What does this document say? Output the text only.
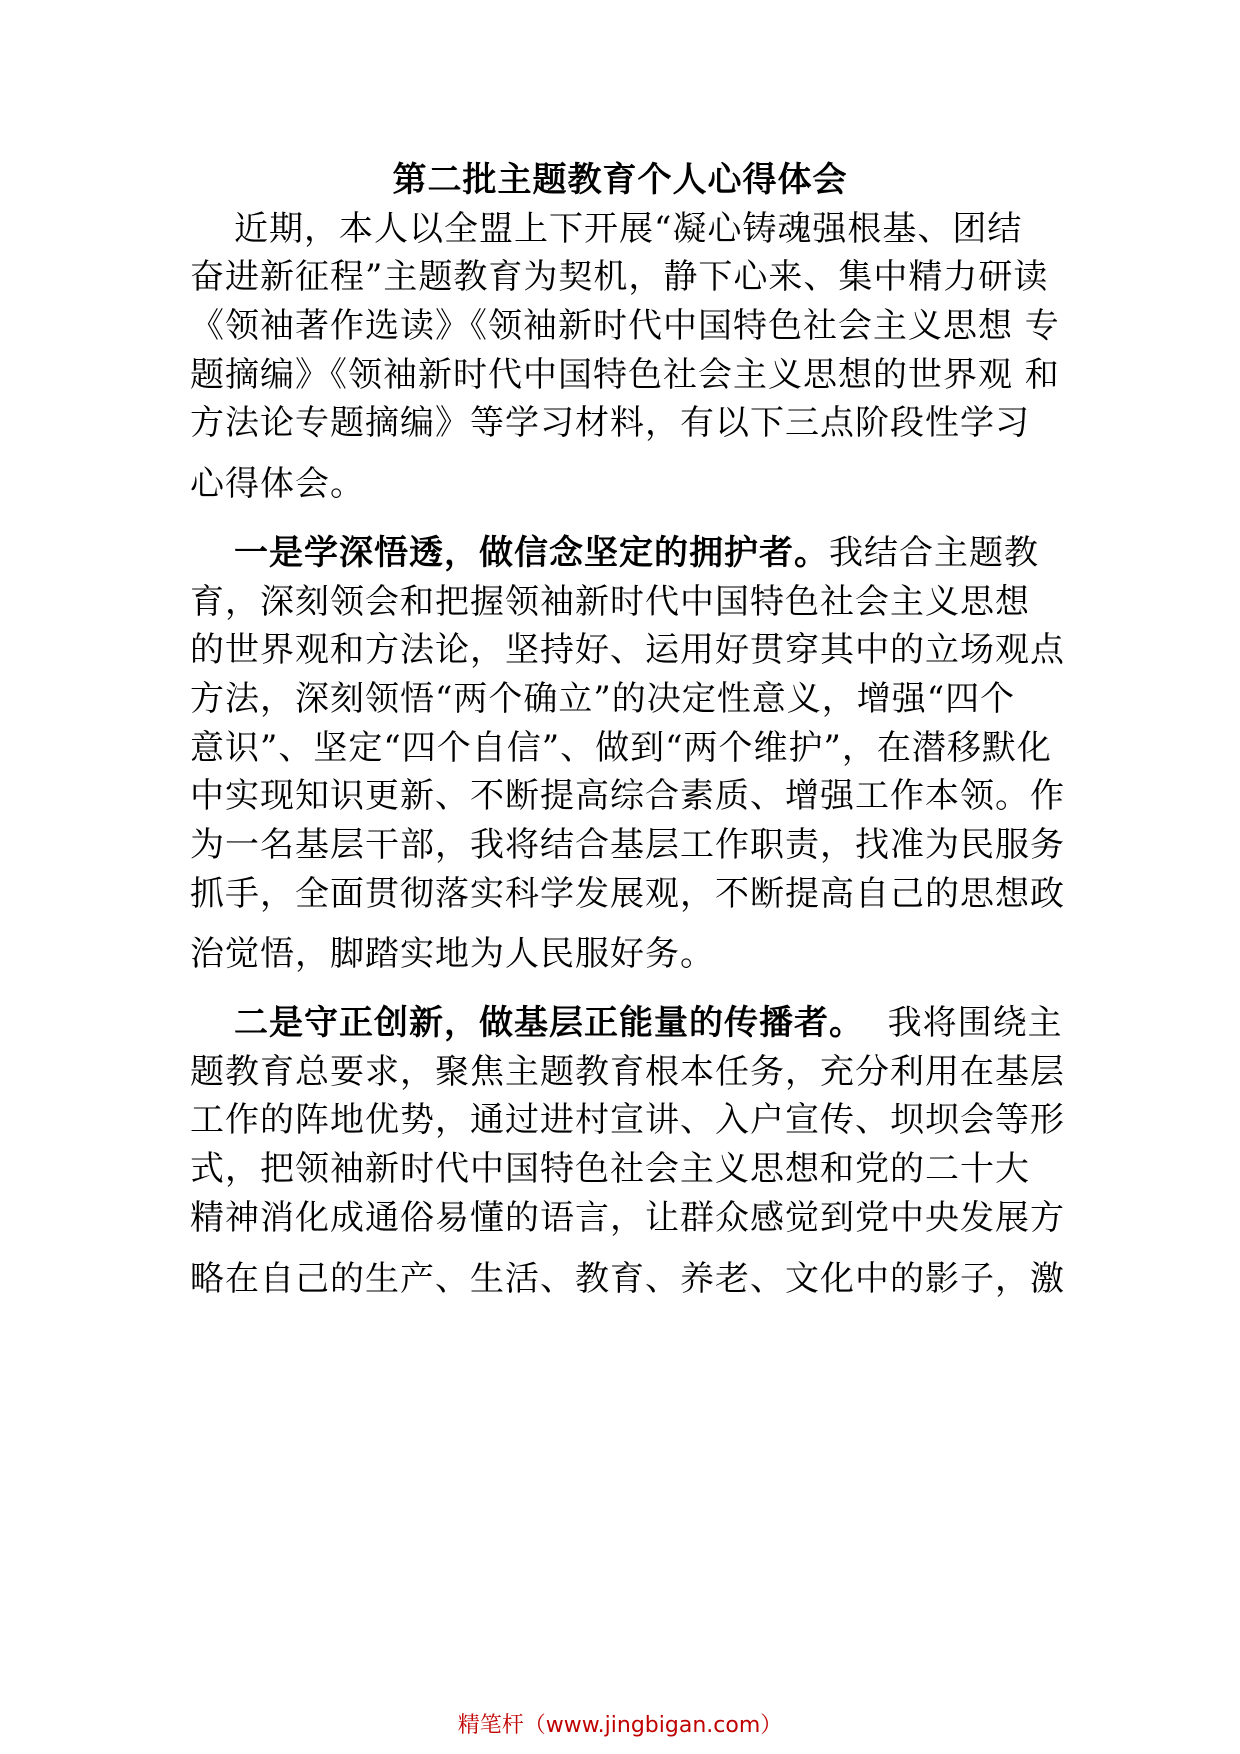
第二批主题教育个人心得体会
近期，本人以全盟上下开展“凝心铸魂强根基、团结
奋进新征程”主题教育为契机，静下心来、集中精力研读
《领袖著作选读》《领袖新时代中国特色社会主义思想 专
题摘编》《领袖新时代中国特色社会主义思想的世界观 和
方法论专题摘编》等学习材料，有以下三点阶段性学习
心得体会。
一是学深悟透，做信念坚定的拥护者。我结合主题教
育，深刻领会和把握领袖新时代中国特色社会主义思想
的世界观和方法论，坚持好、运用好贯穿其中的立场观点
方法，深刻领悟“两个确立”的决定性意义，增强“四个
意识”、坚定“四个自信”、做到“两个维护”，在潜移默化
中实现知识更新、不断提高综合素质、增强工作本领。作
为一名基层干部，我将结合基层工作职责，找准为民服务
抓手，全面贯彻落实科学发展观，不断提高自己的思想政
治觉悟，脚踏实地为人民服好务。
二是守正创新，做基层正能量的传播者。  我将围绕主
题教育总要求，聚焦主题教育根本任务，充分利用在基层
工作的阵地优势，通过进村宣讲、入户宣传、坝坝会等形
式，把领袖新时代中国特色社会主义思想和党的二十大
精神消化成通俗易懂的语言，让群众感觉到党中央发展方
略在自己的生产、生活、教育、养老、文化中的影子，激
精笔杆（www.jingbigan.com）
